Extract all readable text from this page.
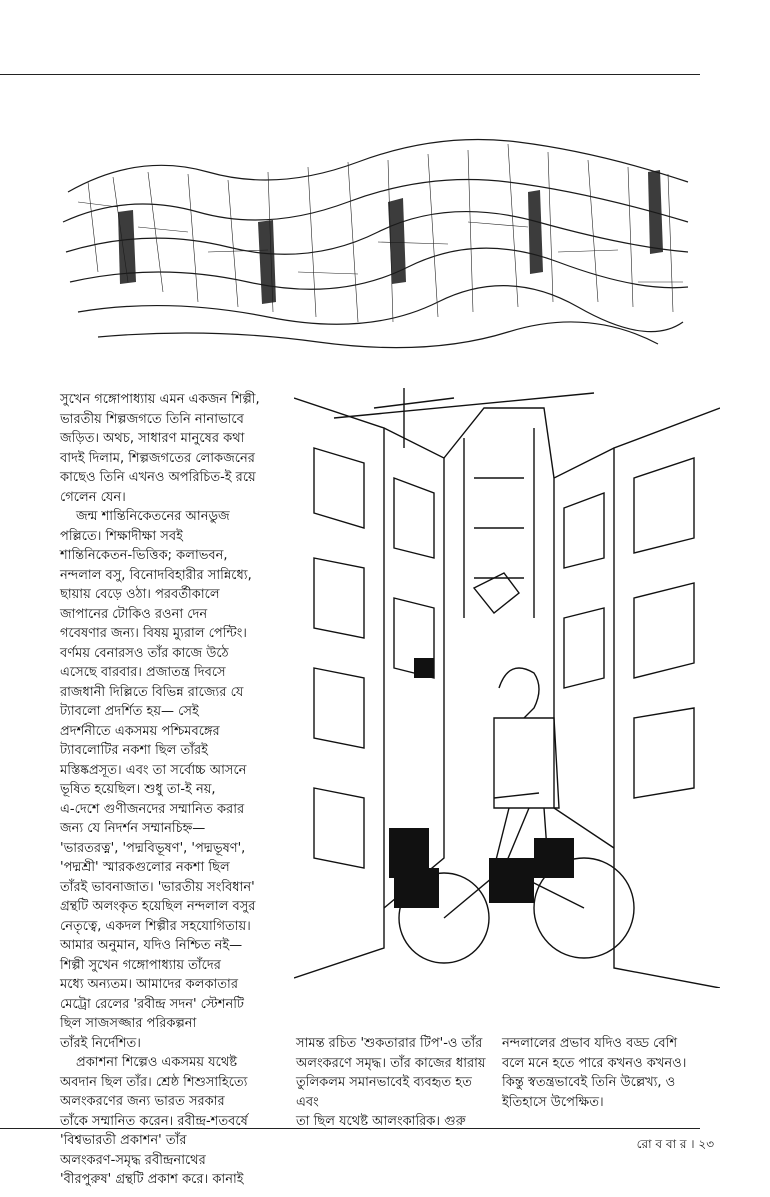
সুখেন গঙ্গোপাধ্যায় এমন একজন শিল্পী,
ভারতীয় শিল্পজগতে তিনি নানাভাবে
জড়িত। অথচ, সাধারণ মানুষের কথা
বাদই দিলাম, শিল্পজগতের লোকজনের
কাছেও তিনি এখনও অপরিচিত-ই রয়ে
গেলেন যেন।

জন্ম শান্তিনিকেতনের আনডুজ
পল্লিতে। শিক্ষাদীক্ষা সবই
শান্তিনিকেতন-ভিত্তিক; কলাভবন,
নন্দলাল বসু, বিনোদবিহারীর সান্নিধ্যে,
ছায়ায় বেড়ে ওঠা। পরবর্তীকালে
জাপানের টোকিও রওনা দেন
গবেষণার জন্য। বিষয় ম্যুরাল পেন্টিং।
বর্ণময় বেনারসও তাঁর কাজে উঠে
এসেছে বারবার। প্রজাতন্ত্র দিবসে
রাজধানী দিল্লিতে বিভিন্ন রাজ্যের যে
ট্যাবলো প্রদর্শিত হয়— সেই
প্রদর্শনীতে একসময় পশ্চিমবঙ্গের
ট্যাবলোটির নকশা ছিল তাঁরই
মস্তিষ্কপ্রসূত। এবং তা সর্বোচ্চ আসনে
ভূষিত হয়েছিল। শুধু তা-ই নয়,
এ-দেশে গুণীজনদের সম্মানিত করার
জন্য যে নিদর্শন সম্মানচিহ্ন—
'ভারতরত্ন', 'পদ্মবিভূষণ', 'পদ্মভূষণ',
'পদ্মশ্রী' স্মারকগুলোর নকশা ছিল
তাঁরই ভাবনাজাত। 'ভারতীয় সংবিধান'
গ্রন্থটি অলংকৃত হয়েছিল নন্দলাল বসুর
নেতৃত্বে, একদল শিল্পীর সহযোগিতায়।
আমার অনুমান, যদিও নিশ্চিত নই—
শিল্পী সুখেন গঙ্গোপাধ্যায় তাঁদের
মধ্যে অন্যতম। আমাদের কলকাতার
মেট্রো রেলের 'রবীন্দ্র সদন' স্টেশনটি
ছিল সাজসজ্জার পরিকল্পনা
তাঁরই নির্দেশিত।

প্রকাশনা শিল্পেও একসময় যথেষ্ট
অবদান ছিল তাঁর। শ্রেষ্ঠ শিশুসাহিত্যে
অলংকরণের জন্য ভারত সরকার
তাঁকে সম্মানিত করেন। রবীন্দ্র-শতবর্ষে
'বিশ্বভারতী প্রকাশন' তাঁর
অলংকরণ-সমৃদ্ধ রবীন্দ্রনাথের
'বীরপুরুষ' গ্রন্থটি প্রকাশ করে। কানাই

সামন্ত রচিত 'শুকতারার টিপ'-ও তাঁর
অলংকরণে সমৃদ্ধ। তাঁর কাজের ধারায়
তুলিকলম সমানভাবেই ব্যবহৃত হত এবং
তা ছিল যথেষ্ট আলংকারিক। গুরু

নন্দলালের প্রভাব যদিও বড্ড বেশি
বলে মনে হতে পারে কখনও কখনও।
কিন্তু স্বতন্ত্রভাবেই তিনি উল্লেখ্য, ও
ইতিহাসে উপেক্ষিত।

রো ব বা র । ২৩
